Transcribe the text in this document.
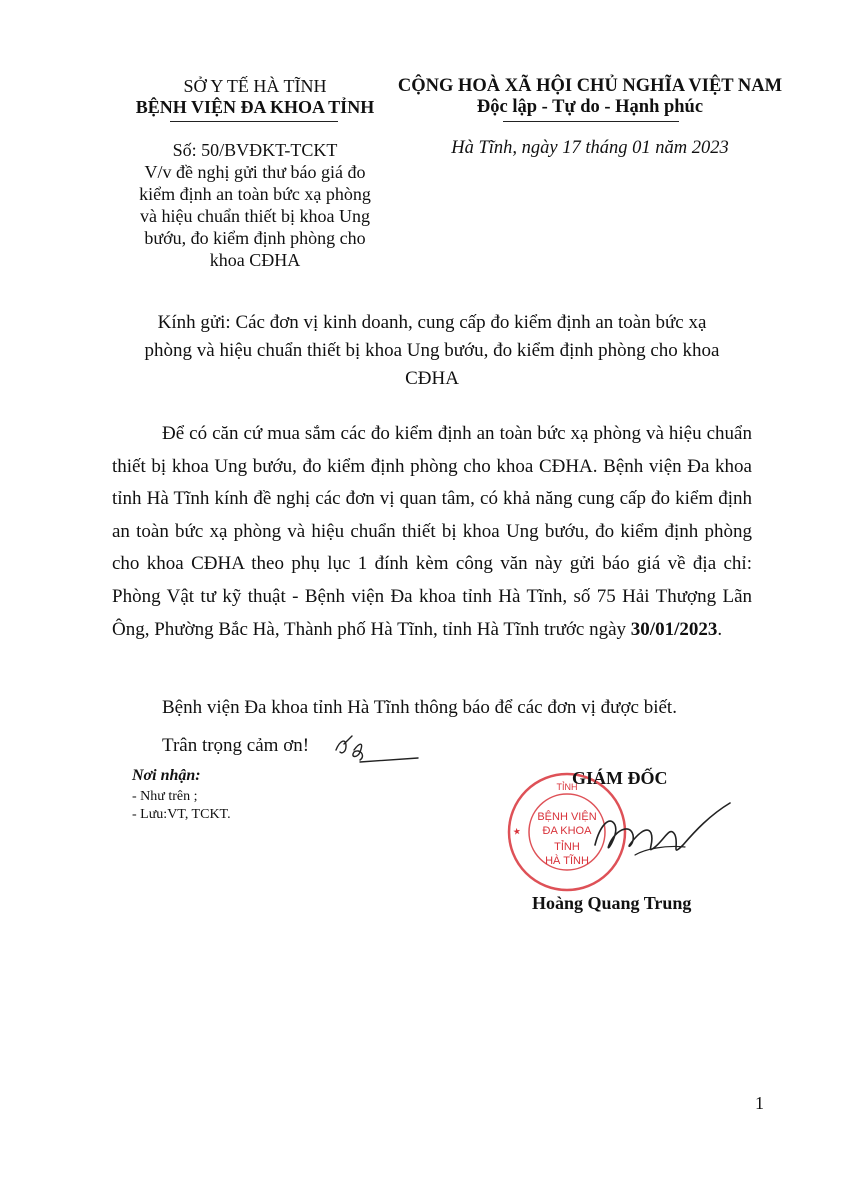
SỞ Y TẾ HÀ TĨNH
BỆNH VIỆN ĐA KHOA TỈNH
Số: 50/BVĐKT-TCKT
V/v đề nghị gửi thư báo giá đo
kiểm định an toàn bức xạ phòng
và hiệu chuẩn thiết bị khoa Ung
bướu, đo kiểm định phòng cho
khoa CĐHA
CỘNG HOÀ XÃ HỘI CHỦ NGHĨA VIỆT NAM
Độc lập - Tự do - Hạnh phúc
Hà Tĩnh, ngày 17 tháng 01 năm 2023
Kính gửi: Các đơn vị kinh doanh, cung cấp đo kiểm định an toàn bức xạ
phòng và hiệu chuẩn thiết bị khoa Ung bướu, đo kiểm định phòng cho khoa
CĐHA
Để có căn cứ mua sắm các đo kiểm định an toàn bức xạ phòng và hiệu chuẩn thiết bị khoa Ung bướu, đo kiểm định phòng cho khoa CĐHA. Bệnh viện Đa khoa tỉnh Hà Tĩnh kính đề nghị các đơn vị quan tâm, có khả năng cung cấp đo kiểm định an toàn bức xạ phòng và hiệu chuẩn thiết bị khoa Ung bướu, đo kiểm định phòng cho khoa CĐHA theo phụ lục 1 đính kèm công văn này gửi báo giá về địa chỉ: Phòng Vật tư kỹ thuật - Bệnh viện Đa khoa tỉnh Hà Tĩnh, số 75 Hải Thượng Lãn Ông, Phường Bắc Hà, Thành phố Hà Tĩnh, tỉnh Hà Tĩnh trước ngày 30/01/2023.
Bệnh viện Đa khoa tỉnh Hà Tĩnh thông báo để các đơn vị được biết.
Trân trọng cảm ơn!
Nơi nhận:
- Như trên ;
- Lưu:VT, TCKT.
TỈNH
BỆNH VIỆN
ĐA KHOA
TỈNH
HÀ TĨNH
★
GIÁM ĐỐC
Hoàng Quang Trung
1
